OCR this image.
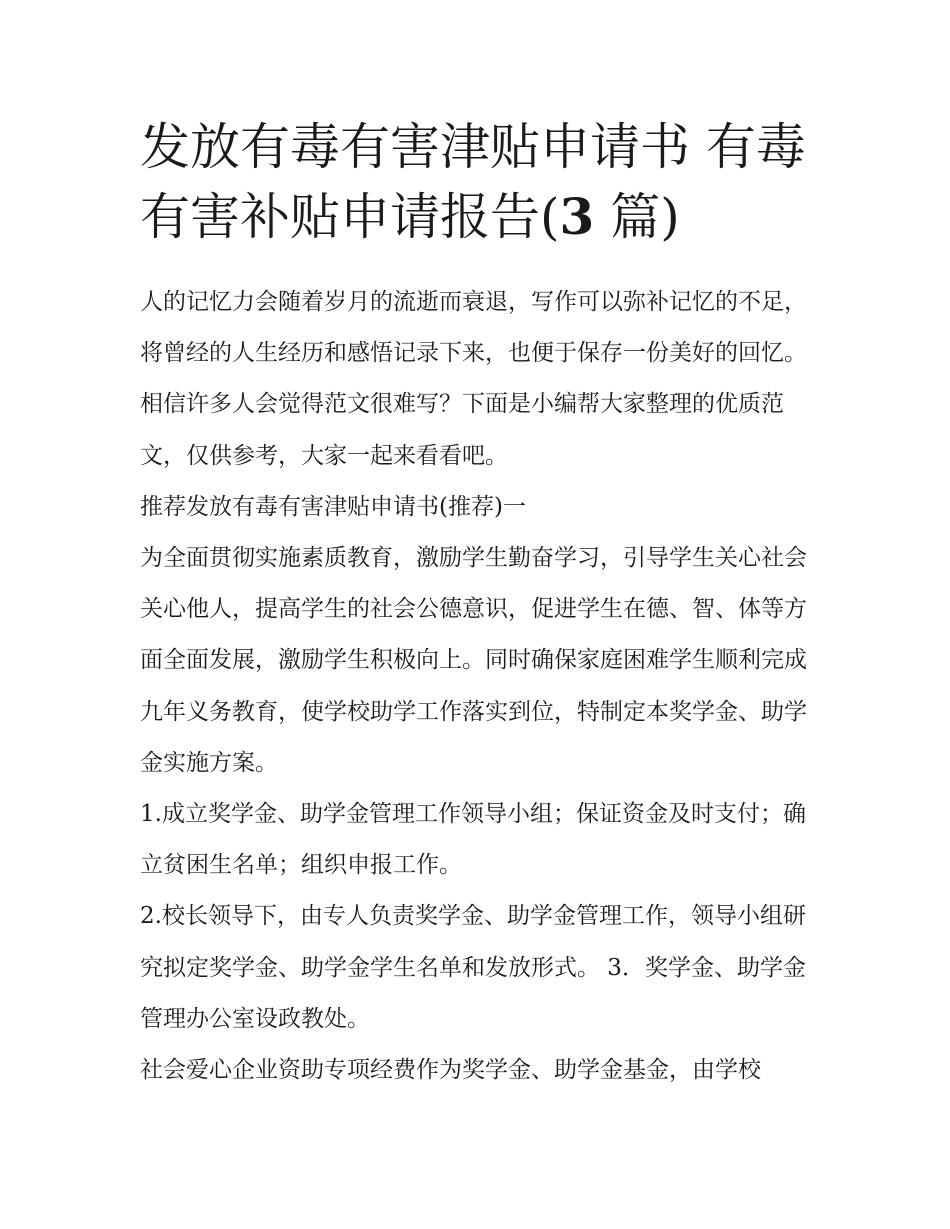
发放有毒有害津贴申请书 有毒有害补贴申请报告(3 篇)

人的记忆力会随着岁月的流逝而衰退，写作可以弥补记忆的不足，将曾经的人生经历和感悟记录下来，也便于保存一份美好的回忆。相信许多人会觉得范文很难写？下面是小编帮大家整理的优质范文，仅供参考，大家一起来看看吧。

推荐发放有毒有害津贴申请书(推荐)一

为全面贯彻实施素质教育，激励学生勤奋学习，引导学生关心社会关心他人，提高学生的社会公德意识，促进学生在德、智、体等方面全面发展，激励学生积极向上。同时确保家庭困难学生顺利完成九年义务教育，使学校助学工作落实到位，特制定本奖学金、助学金实施方案。

1.成立奖学金、助学金管理工作领导小组；保证资金及时支付；确立贫困生名单；组织申报工作。

2.校长领导下，由专人负责奖学金、助学金管理工作，领导小组研究拟定奖学金、助学金学生名单和发放形式。 3．奖学金、助学金管理办公室设政教处。

社会爱心企业资助专项经费作为奖学金、助学金基金，由学校
